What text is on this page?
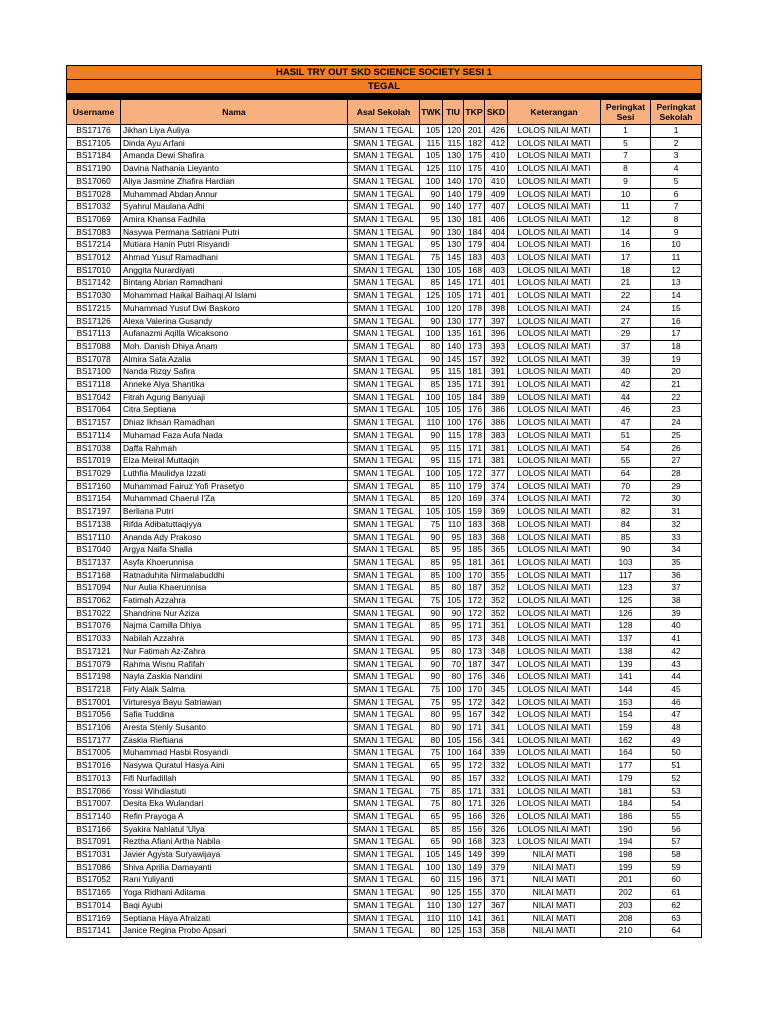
HASIL TRY OUT SKD SCIENCE SOCIETY SESI 1									
TEGAL									

Username	Nama	Asal Sekolah	TWK	TIU	TKP	SKD	Keterangan	Peringkat Sesi	Peringkat Sekolah
BS17176	Jikhan Liya Auliya	SMAN 1 TEGAL	105	120	201	426	LOLOS NILAI MATI	1	1
BS17105	Dinda Ayu Arfani	SMAN 1 TEGAL	115	115	182	412	LOLOS NILAI MATI	5	2
BS17184	Amanda Dewi Shafira	SMAN 1 TEGAL	105	130	175	410	LOLOS NILAI MATI	7	3
BS17190	Davina Nathania Lieyanto	SMAN 1 TEGAL	125	110	175	410	LOLOS NILAI MATI	8	4
BS17060	Aliya Jasmine Zhafira Hardian	SMAN 1 TEGAL	100	140	170	410	LOLOS NILAI MATI	9	5
BS17028	Muhammad Abdan Annur	SMAN 1 TEGAL	90	140	179	409	LOLOS NILAI MATI	10	6
BS17032	Syahrul Maulana Adhi	SMAN 1 TEGAL	90	140	177	407	LOLOS NILAI MATI	11	7
BS17069	Amira Khansa Fadhila	SMAN 1 TEGAL	95	130	181	406	LOLOS NILAI MATI	12	8
BS17083	Nasywa Permana Satriani Putri	SMAN 1 TEGAL	90	130	184	404	LOLOS NILAI MATI	14	9
BS17214	Mutiara Hanin Putri Risyandi	SMAN 1 TEGAL	95	130	179	404	LOLOS NILAI MATI	16	10
BS17012	Ahmad Yusuf Ramadhani	SMAN 1 TEGAL	75	145	183	403	LOLOS NILAI MATI	17	11
BS17010	Anggita Nurardiyati	SMAN 1 TEGAL	130	105	168	403	LOLOS NILAI MATI	18	12
BS17142	Bintang Abrian Ramadhani	SMAN 1 TEGAL	85	145	171	401	LOLOS NILAI MATI	21	13
BS17030	Mohammad Haikal Baihaqi Al Islami	SMAN 1 TEGAL	125	105	171	401	LOLOS NILAI MATI	22	14
BS17215	Muhammad Yusuf Dwi Baskoro	SMAN 1 TEGAL	100	120	178	398	LOLOS NILAI MATI	24	15
BS17126	Alexa Valerina Gusandy	SMAN 1 TEGAL	90	130	177	397	LOLOS NILAI MATI	27	16
BS17113	Aufanazmi Aqilla Wicaksono	SMAN 1 TEGAL	100	135	161	396	LOLOS NILAI MATI	29	17
BS17088	Moh. Danish Dhiya Anam	SMAN 1 TEGAL	80	140	173	393	LOLOS NILAI MATI	37	18
BS17078	Almira Safa Azalia	SMAN 1 TEGAL	90	145	157	392	LOLOS NILAI MATI	39	19
BS17100	Nanda Rizqy Safira	SMAN 1 TEGAL	95	115	181	391	LOLOS NILAI MATI	40	20
BS17118	Anneke Alya Shantika	SMAN 1 TEGAL	85	135	171	391	LOLOS NILAI MATI	42	21
BS17042	Fitrah Agung Banyuaji	SMAN 1 TEGAL	100	105	184	389	LOLOS NILAI MATI	44	22
BS17064	Citra Septiana	SMAN 1 TEGAL	105	105	176	386	LOLOS NILAI MATI	46	23
BS17157	Dhiaz Ikhsan Ramadhan	SMAN 1 TEGAL	110	100	176	386	LOLOS NILAI MATI	47	24
BS17114	Muhamad Faza Aufa Nada	SMAN 1 TEGAL	90	115	178	383	LOLOS NILAI MATI	51	25
BS17038	Daffa Rahmah	SMAN 1 TEGAL	95	115	171	381	LOLOS NILAI MATI	54	26
BS17019	Elza Meiral Muttaqin	SMAN 1 TEGAL	95	115	171	381	LOLOS NILAI MATI	55	27
BS17029	Luthfia Maulidya Izzati	SMAN 1 TEGAL	100	105	172	377	LOLOS NILAI MATI	64	28
BS17160	Muhammad Fairuz Yofi Prasetyo	SMAN 1 TEGAL	85	110	179	374	LOLOS NILAI MATI	70	29
BS17154	Muhammad Chaerul I'Za	SMAN 1 TEGAL	85	120	169	374	LOLOS NILAI MATI	72	30
BS17197	Berliana Putri	SMAN 1 TEGAL	105	105	159	369	LOLOS NILAI MATI	82	31
BS17138	Rifda Adibatuttaqiyya	SMAN 1 TEGAL	75	110	183	368	LOLOS NILAI MATI	84	32
BS17110	Ananda Ady Prakoso	SMAN 1 TEGAL	90	95	183	368	LOLOS NILAI MATI	85	33
BS17040	Argya Naifa Shalla	SMAN 1 TEGAL	85	95	185	365	LOLOS NILAI MATI	90	34
BS17137	Asyfa Khoerunnisa	SMAN 1 TEGAL	85	95	181	361	LOLOS NILAI MATI	103	35
BS17168	Ratnaduhita Nirmalabuddhi	SMAN 1 TEGAL	85	100	170	355	LOLOS NILAI MATI	117	36
BS17094	Nur Aulia Khaerunnisa	SMAN 1 TEGAL	85	80	187	352	LOLOS NILAI MATI	123	37
BS17062	Fatimah Azzahra	SMAN 1 TEGAL	75	105	172	352	LOLOS NILAI MATI	125	38
BS17022	Shandrina Nur Aziza	SMAN 1 TEGAL	90	90	172	352	LOLOS NILAI MATI	126	39
BS17076	Najma Camilla Dhiya	SMAN 1 TEGAL	85	95	171	351	LOLOS NILAI MATI	128	40
BS17033	Nabilah Azzahra	SMAN 1 TEGAL	90	85	173	348	LOLOS NILAI MATI	137	41
BS17121	Nur Fatimah Az-Zahra	SMAN 1 TEGAL	95	80	173	348	LOLOS NILAI MATI	138	42
BS17079	Rahma Wisnu Rafifah	SMAN 1 TEGAL	90	70	187	347	LOLOS NILAI MATI	139	43
BS17198	Nayla Zaskia Nandini	SMAN 1 TEGAL	90	80	176	346	LOLOS NILAI MATI	141	44
BS17218	Firly Alaik Salma	SMAN 1 TEGAL	75	100	170	345	LOLOS NILAI MATI	144	45
BS17001	Virturesya Bayu Satriawan	SMAN 1 TEGAL	75	95	172	342	LOLOS NILAI MATI	153	46
BS17056	Safia Tuddina	SMAN 1 TEGAL	80	95	167	342	LOLOS NILAI MATI	154	47
BS17106	Aresta Stenly Susanto	SMAN 1 TEGAL	80	90	171	341	LOLOS NILAI MATI	159	48
BS17177	Zaskia Rieftiana	SMAN 1 TEGAL	80	105	156	341	LOLOS NILAI MATI	162	49
BS17005	Muhammad Hasbi Rosyandi	SMAN 1 TEGAL	75	100	164	339	LOLOS NILAI MATI	164	50
BS17016	Nasywa Quratul Hasya Aini	SMAN 1 TEGAL	65	95	172	332	LOLOS NILAI MATI	177	51
BS17013	Fifi Nurfadillah	SMAN 1 TEGAL	90	85	157	332	LOLOS NILAI MATI	179	52
BS17066	Yossi Wihdiastuti	SMAN 1 TEGAL	75	85	171	331	LOLOS NILAI MATI	181	53
BS17007	Desita Eka Wulandari	SMAN 1 TEGAL	75	80	171	326	LOLOS NILAI MATI	184	54
BS17140	Refin Prayoga A	SMAN 1 TEGAL	65	95	166	326	LOLOS NILAI MATI	186	55
BS17166	Syakira Nahlatul 'Ulya	SMAN 1 TEGAL	85	85	156	326	LOLOS NILAI MATI	190	56
BS17091	Reztha Afiani Artha Nabila	SMAN 1 TEGAL	65	90	168	323	LOLOS NILAI MATI	194	57
BS17031	Javier Agysta Suryawijaya	SMAN 1 TEGAL	105	145	149	399	NILAI MATI	198	58
BS17086	Shiva Aprilia Damayanti	SMAN 1 TEGAL	100	130	149	379	NILAI MATI	199	59
BS17052	Rani Yuliyanti	SMAN 1 TEGAL	60	115	196	371	NILAI MATI	201	60
BS17165	Yoga Ridhani Aditama	SMAN 1 TEGAL	90	125	155	370	NILAI MATI	202	61
BS17014	Baqi Ayubi	SMAN 1 TEGAL	110	130	127	367	NILAI MATI	203	62
BS17169	Septiana Haya Afraizati	SMAN 1 TEGAL	110	110	141	361	NILAI MATI	208	63
BS17141	Janice Regina Probo Apsari	SMAN 1 TEGAL	80	125	153	358	NILAI MATI	210	64
